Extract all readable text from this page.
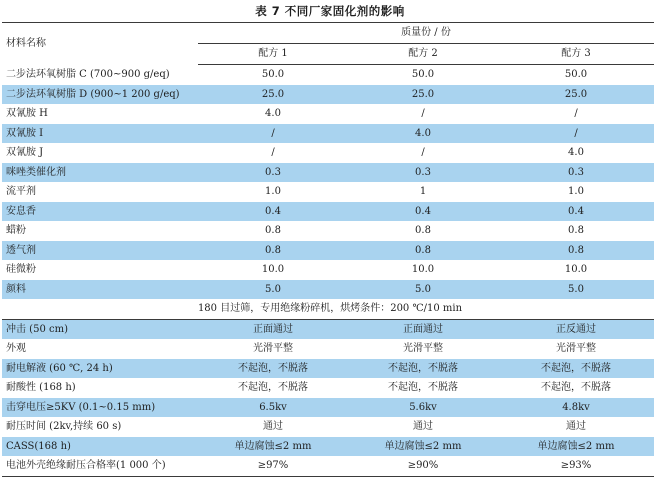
表 7 不同厂家固化剂的影响
材料名称	质量份 / 份		
	配方 1	配方 2	配方 3
二步法环氧树脂 C (700~900 g/eq)	50.0	50.0	50.0
二步法环氧树脂 D (900~1 200 g/eq)	25.0	25.0	25.0
双氰胺 H	4.0	/	/
双氰胺 I	/	4.0	/
双氰胺 J	/	/	4.0
咪唑类催化剂	0.3	0.3	0.3
流平剂	1.0	1	1.0
安息香	0.4	0.4	0.4
蜡粉	0.8	0.8	0.8
透气剂	0.8	0.8	0.8
硅微粉	10.0	10.0	10.0
颜料	5.0	5.0	5.0
180 目过筛，专用绝缘粉碎机，烘烤条件：200 ℃/10 min			
冲击 (50 cm)	正面通过	正面通过	正反通过
外观	光滑平整	光滑平整	光滑平整
耐电解液 (60 ℃, 24 h)	不起泡，不脱落	不起泡，不脱落	不起泡，不脱落
耐酸性 (168 h)	不起泡，不脱落	不起泡，不脱落	不起泡，不脱落
击穿电压≥5KV (0.1~0.15 mm)	6.5kv	5.6kv	4.8kv
耐压时间 (2kv,持续 60 s)	通过	通过	通过
CASS(168 h)	单边腐蚀≤2 mm	单边腐蚀≤2 mm	单边腐蚀≤2 mm
电池外壳绝缘耐压合格率(1 000 个)	≥97%	≥90%	≥93%
